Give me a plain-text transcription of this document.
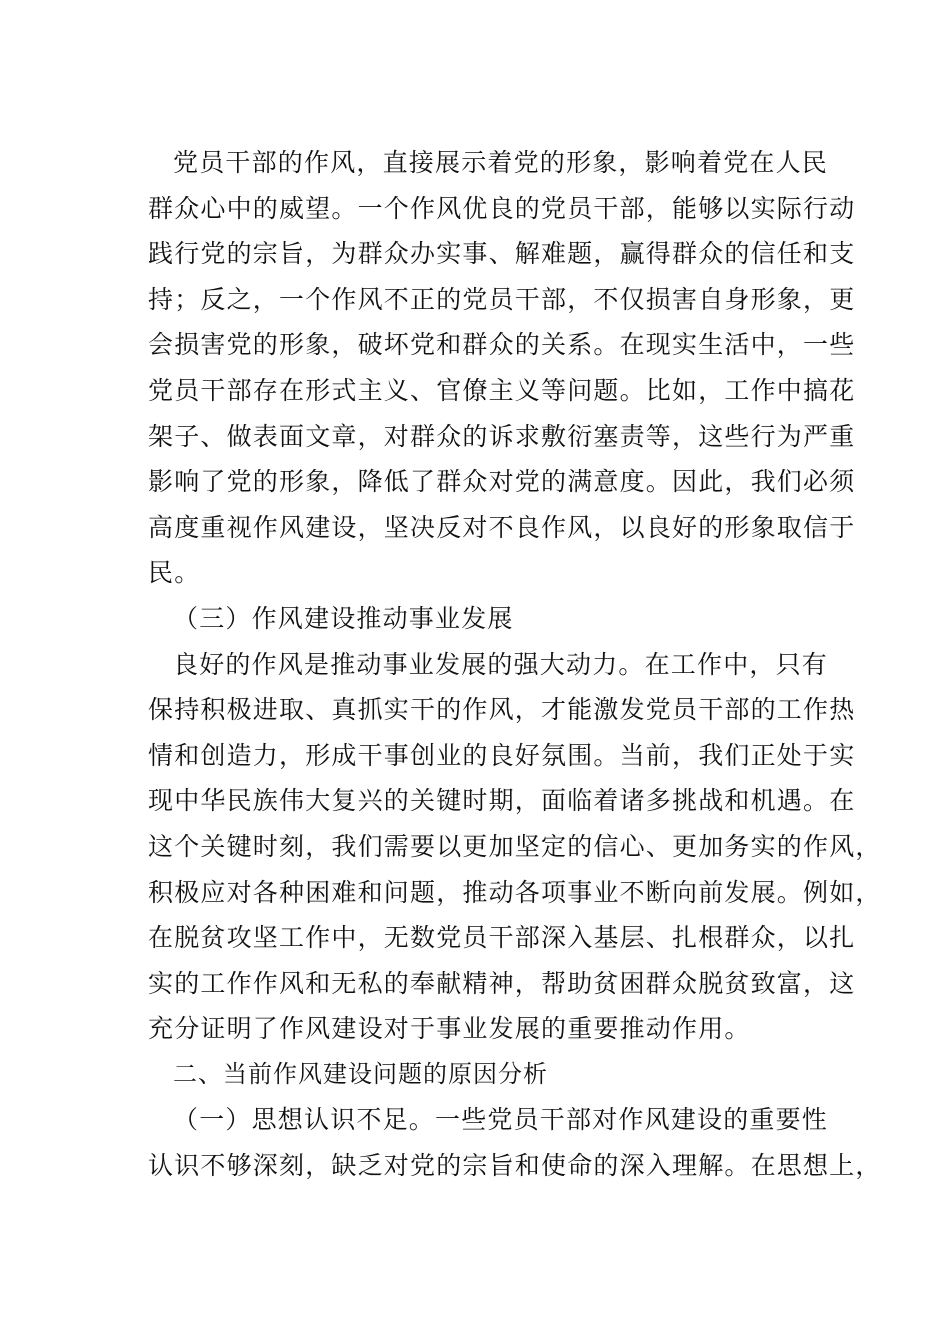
党员干部的作风，直接展示着党的形象，影响着党在人民
群众心中的威望。一个作风优良的党员干部，能够以实际行动
践行党的宗旨，为群众办实事、解难题，赢得群众的信任和支
持；反之，一个作风不正的党员干部，不仅损害自身形象，更
会损害党的形象，破坏党和群众的关系。在现实生活中，一些
党员干部存在形式主义、官僚主义等问题。比如，工作中搞花
架子、做表面文章，对群众的诉求敷衍塞责等，这些行为严重
影响了党的形象，降低了群众对党的满意度。因此，我们必须
高度重视作风建设，坚决反对不良作风，以良好的形象取信于
民。
（三）作风建设推动事业发展
良好的作风是推动事业发展的强大动力。在工作中，只有
保持积极进取、真抓实干的作风，才能激发党员干部的工作热
情和创造力，形成干事创业的良好氛围。当前，我们正处于实
现中华民族伟大复兴的关键时期，面临着诸多挑战和机遇。在
这个关键时刻，我们需要以更加坚定的信心、更加务实的作风，
积极应对各种困难和问题，推动各项事业不断向前发展。例如，
在脱贫攻坚工作中，无数党员干部深入基层、扎根群众，以扎
实的工作作风和无私的奉献精神，帮助贫困群众脱贫致富，这
充分证明了作风建设对于事业发展的重要推动作用。
二、当前作风建设问题的原因分析
（一）思想认识不足。一些党员干部对作风建设的重要性
认识不够深刻，缺乏对党的宗旨和使命的深入理解。在思想上，
